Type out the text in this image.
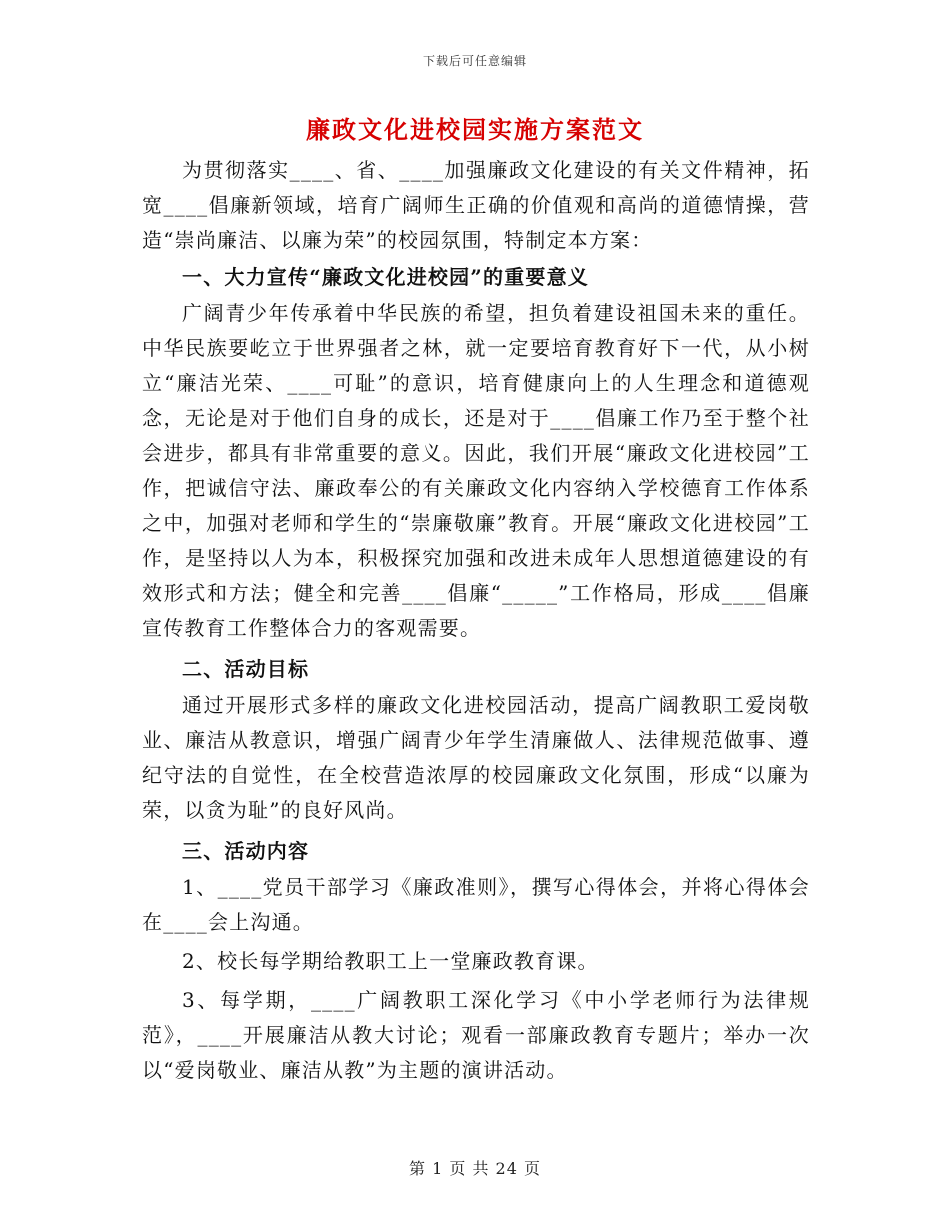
下载后可任意编辑
廉政文化进校园实施方案范文

为贯彻落实____、省、____加强廉政文化建设的有关文件精神，拓宽____倡廉新领域，培育广阔师生正确的价值观和高尚的道德情操，营造“崇尚廉洁、以廉为荣”的校园氛围，特制定本方案：

一、大力宣传“廉政文化进校园”的重要意义

广阔青少年传承着中华民族的希望，担负着建设祖国未来的重任。中华民族要屹立于世界强者之林，就一定要培育教育好下一代，从小树立“廉洁光荣、____可耻”的意识，培育健康向上的人生理念和道德观念，无论是对于他们自身的成长，还是对于____倡廉工作乃至于整个社会进步，都具有非常重要的意义。因此，我们开展“廉政文化进校园”工作，把诚信守法、廉政奉公的有关廉政文化内容纳入学校德育工作体系之中，加强对老师和学生的“崇廉敬廉”教育。开展“廉政文化进校园”工作，是坚持以人为本，积极探究加强和改进未成年人思想道德建设的有效形式和方法；健全和完善____倡廉“_____”工作格局，形成____倡廉宣传教育工作整体合力的客观需要。

二、活动目标

通过开展形式多样的廉政文化进校园活动，提高广阔教职工爱岗敬业、廉洁从教意识，增强广阔青少年学生清廉做人、法律规范做事、遵纪守法的自觉性，在全校营造浓厚的校园廉政文化氛围，形成“以廉为荣，以贪为耻”的良好风尚。

三、活动内容

1、____党员干部学习《廉政准则》，撰写心得体会，并将心得体会在____会上沟通。

2、校长每学期给教职工上一堂廉政教育课。

3、每学期，____广阔教职工深化学习《中小学老师行为法律规范》，____开展廉洁从教大讨论；观看一部廉政教育专题片；举办一次以“爱岗敬业、廉洁从教”为主题的演讲活动。

第 1 页 共 24 页
